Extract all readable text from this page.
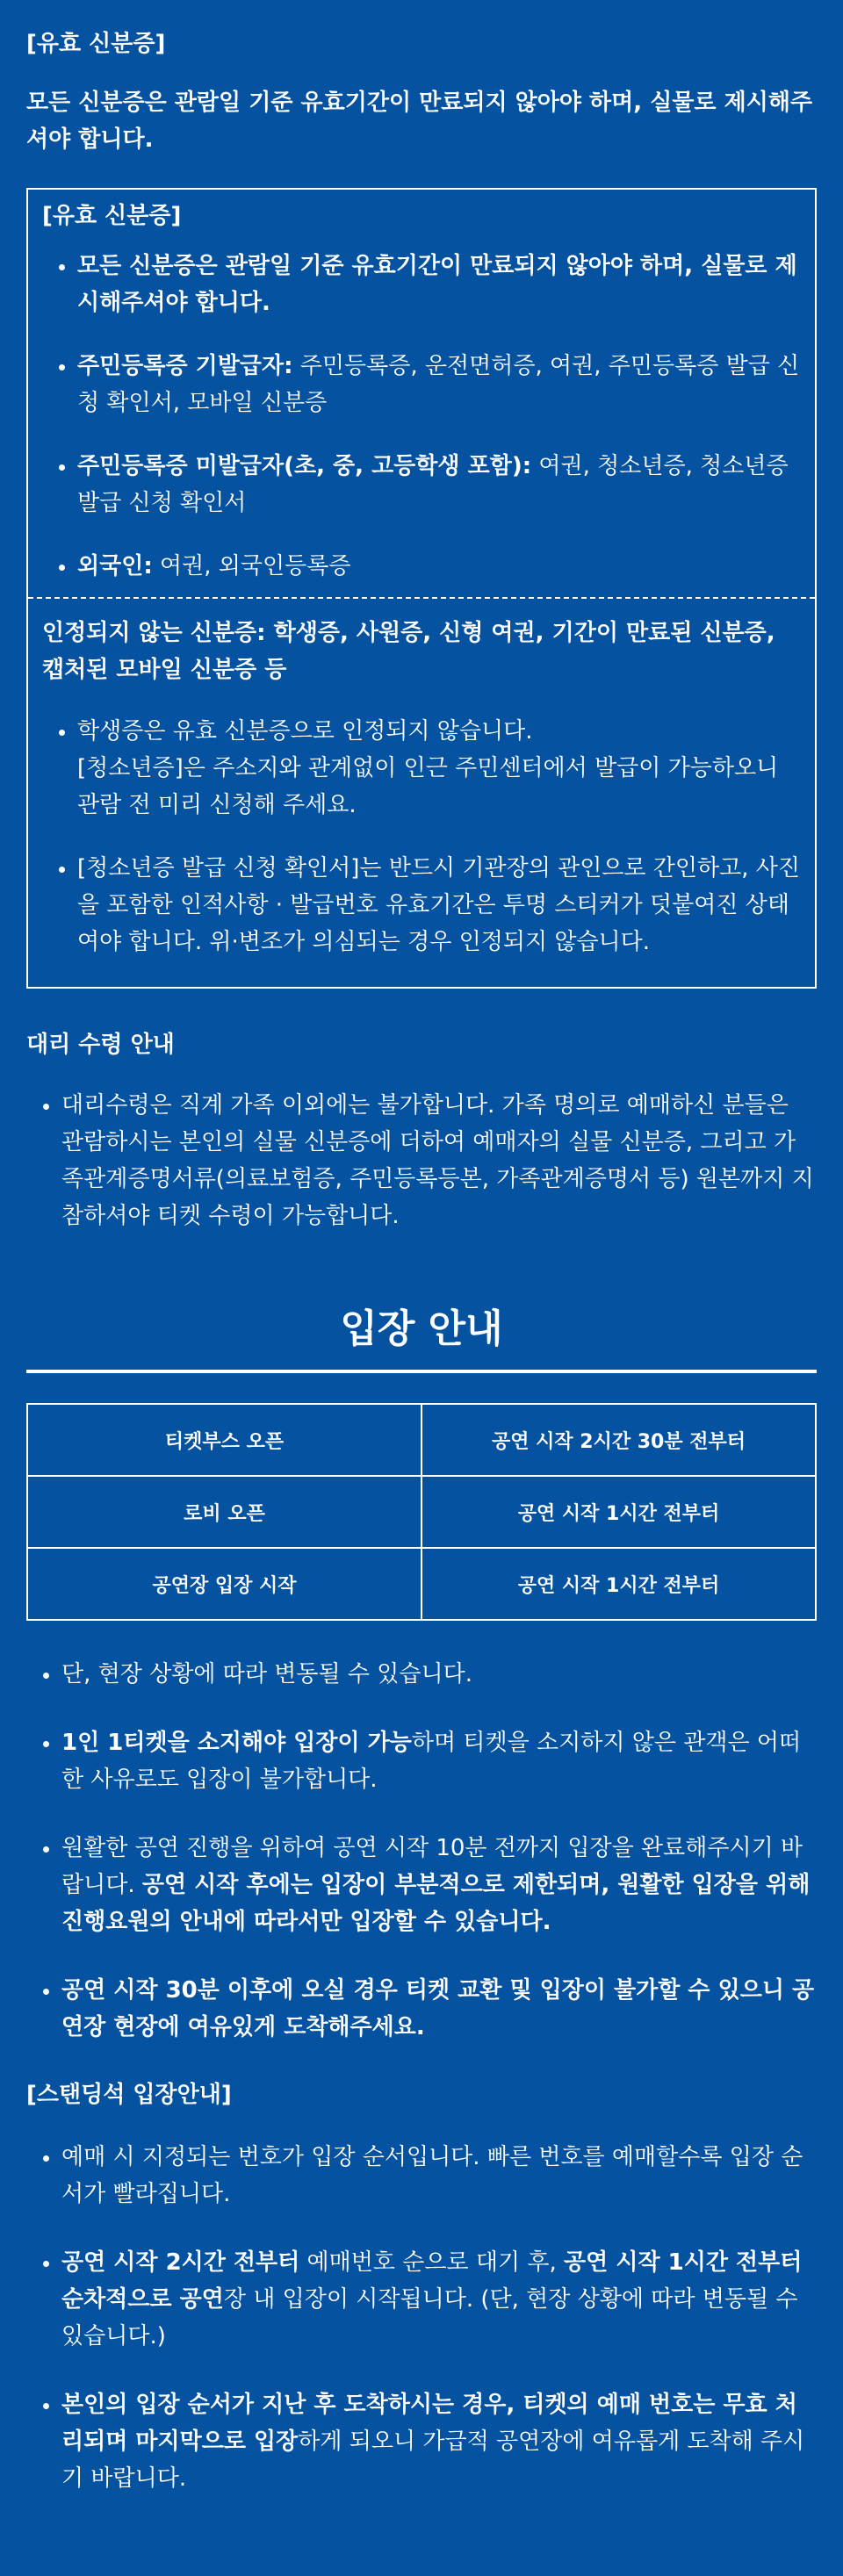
[유효 신분증]
모든 신분증은 관람일 기준 유효기간이 만료되지 않아야 하며, 실물로 제시해주셔야 합니다.
[유효 신분증]
• 모든 신분증은 관람일 기준 유효기간이 만료되지 않아야 하며, 실물로 제시해주셔야 합니다.
• 주민등록증 기발급자: 주민등록증, 운전면허증, 여권, 주민등록증 발급 신청 확인서, 모바일 신분증
• 주민등록증 미발급자(초, 중, 고등학생 포함): 여권, 청소년증, 청소년증 발급 신청 확인서
• 외국인: 여권, 외국인등록증
인정되지 않는 신분증: 학생증, 사원증, 신형 여권, 기간이 만료된 신분증, 캡처된 모바일 신분증 등
• 학생증은 유효 신분증으로 인정되지 않습니다.
[청소년증]은 주소지와 관계없이 인근 주민센터에서 발급이 가능하오니 관람 전 미리 신청해 주세요.
• [청소년증 발급 신청 확인서]는 반드시 기관장의 관인으로 간인하고, 사진을 포함한 인적사항 · 발급번호 유효기간은 투명 스티커가 덧붙여진 상태여야 합니다. 위·변조가 의심되는 경우 인정되지 않습니다.
대리 수령 안내
• 대리수령은 직계 가족 이외에는 불가합니다. 가족 명의로 예매하신 분들은 관람하시는 본인의 실물 신분증에 더하여 예매자의 실물 신분증, 그리고 가족관계증명서류(의료보험증, 주민등록등본, 가족관계증명서 등) 원본까지 지참하셔야 티켓 수령이 가능합니다.
입장 안내
티켓부스 오픈	공연 시작 2시간 30분 전부터
로비 오픈	공연 시작 1시간 전부터
공연장 입장 시작	공연 시작 1시간 전부터
• 단, 현장 상황에 따라 변동될 수 있습니다.
• 1인 1티켓을 소지해야 입장이 가능하며 티켓을 소지하지 않은 관객은 어떠한 사유로도 입장이 불가합니다.
• 원활한 공연 진행을 위하여 공연 시작 10분 전까지 입장을 완료해주시기 바랍니다. 공연 시작 후에는 입장이 부분적으로 제한되며, 원활한 입장을 위해 진행요원의 안내에 따라서만 입장할 수 있습니다.
• 공연 시작 30분 이후에 오실 경우 티켓 교환 및 입장이 불가할 수 있으니 공연장 현장에 여유있게 도착해주세요.
[스탠딩석 입장안내]
• 예매 시 지정되는 번호가 입장 순서입니다. 빠른 번호를 예매할수록 입장 순서가 빨라집니다.
• 공연 시작 2시간 전부터 예매번호 순으로 대기 후, 공연 시작 1시간 전부터 순차적으로 공연장 내 입장이 시작됩니다. (단, 현장 상황에 따라 변동될 수 있습니다.)
• 본인의 입장 순서가 지난 후 도착하시는 경우, 티켓의 예매 번호는 무효 처리되며 마지막으로 입장하게 되오니 가급적 공연장에 여유롭게 도착해 주시기 바랍니다.
